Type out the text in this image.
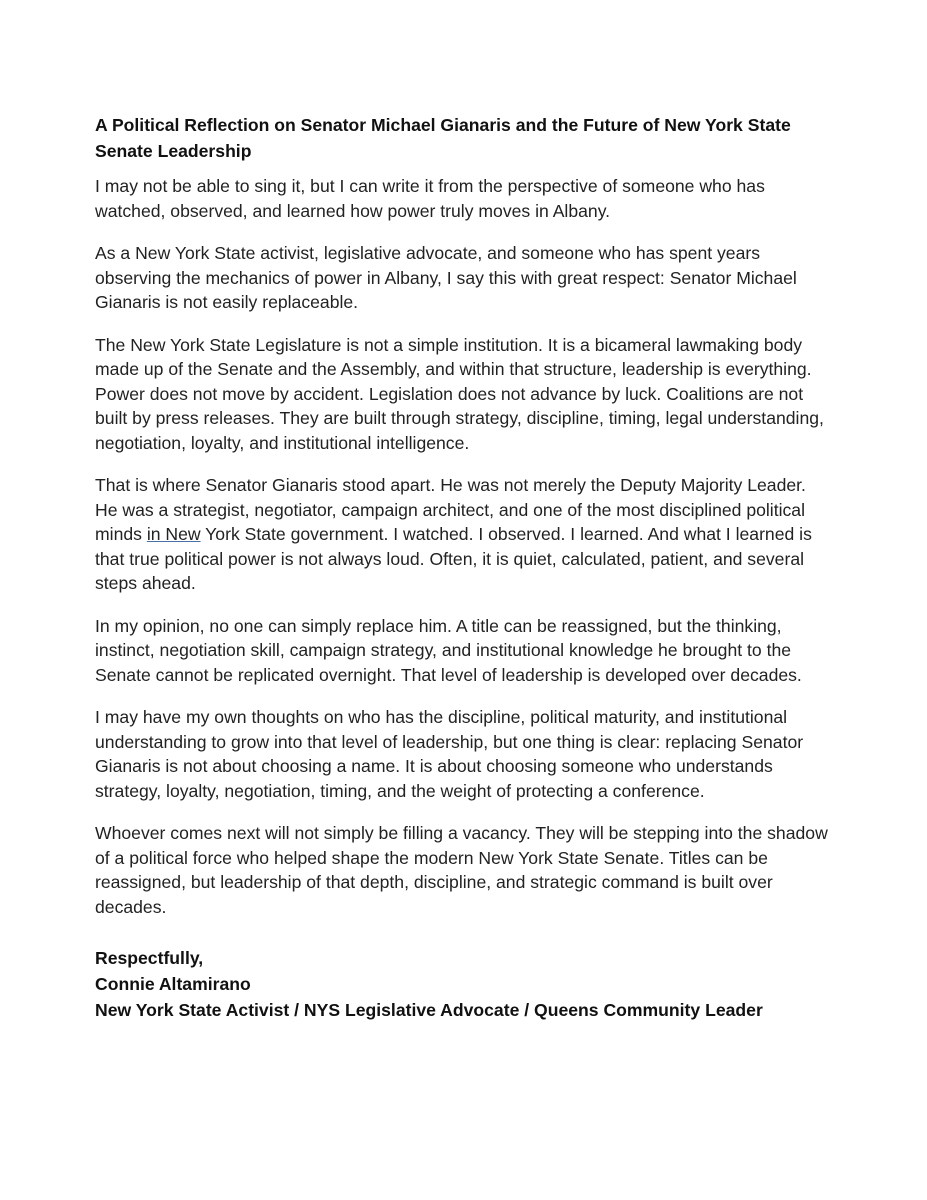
A Political Reflection on Senator Michael Gianaris and the Future of New York State Senate Leadership

I may not be able to sing it, but I can write it from the perspective of someone who has watched, observed, and learned how power truly moves in Albany.

As a New York State activist, legislative advocate, and someone who has spent years observing the mechanics of power in Albany, I say this with great respect: Senator Michael Gianaris is not easily replaceable.

The New York State Legislature is not a simple institution. It is a bicameral lawmaking body made up of the Senate and the Assembly, and within that structure, leadership is everything. Power does not move by accident. Legislation does not advance by luck. Coalitions are not built by press releases. They are built through strategy, discipline, timing, legal understanding, negotiation, loyalty, and institutional intelligence.

That is where Senator Gianaris stood apart. He was not merely the Deputy Majority Leader. He was a strategist, negotiator, campaign architect, and one of the most disciplined political minds in New York State government. I watched. I observed. I learned. And what I learned is that true political power is not always loud. Often, it is quiet, calculated, patient, and several steps ahead.

In my opinion, no one can simply replace him. A title can be reassigned, but the thinking, instinct, negotiation skill, campaign strategy, and institutional knowledge he brought to the Senate cannot be replicated overnight. That level of leadership is developed over decades.

I may have my own thoughts on who has the discipline, political maturity, and institutional understanding to grow into that level of leadership, but one thing is clear: replacing Senator Gianaris is not about choosing a name. It is about choosing someone who understands strategy, loyalty, negotiation, timing, and the weight of protecting a conference.

Whoever comes next will not simply be filling a vacancy. They will be stepping into the shadow of a political force who helped shape the modern New York State Senate. Titles can be reassigned, but leadership of that depth, discipline, and strategic command is built over decades.

Respectfully,
Connie Altamirano
New York State Activist / NYS Legislative Advocate / Queens Community Leader
